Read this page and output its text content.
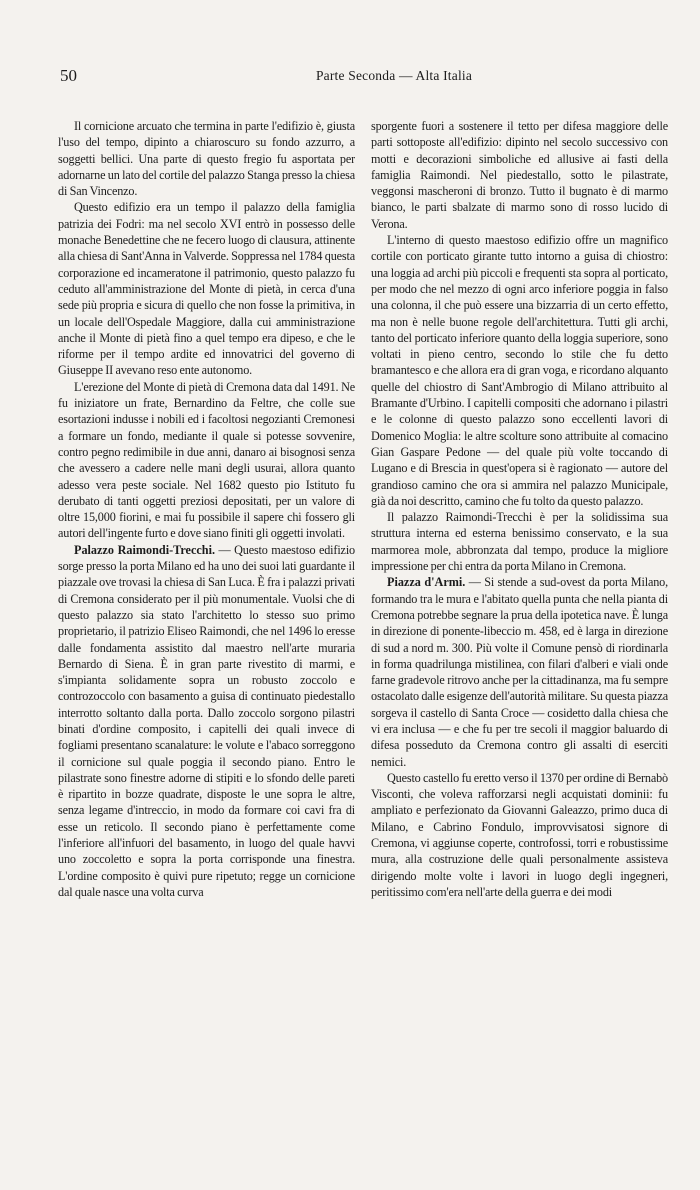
50	Parte Seconda — Alta Italia

Il cornicione arcuato che termina in parte l'edifizio è, giusta l'uso del tempo, dipinto a chiaroscuro su fondo azzurro, a soggetti bellici. Una parte di questo fregio fu asportata per adornarne un lato del cortile del palazzo Stanga presso la chiesa di San Vincenzo.

Questo edifizio era un tempo il palazzo della famiglia patrizia dei Fodri: ma nel secolo XVI entrò in possesso delle monache Benedettine che ne fecero luogo di clausura, attinente alla chiesa di Sant'Anna in Valverde. Soppressa nel 1784 questa corporazione ed incameratone il patrimonio, questo palazzo fu ceduto all'amministrazione del Monte di pietà, in cerca d'una sede più propria e sicura di quello che non fosse la primitiva, in un locale dell'Ospedale Maggiore, dalla cui amministrazione anche il Monte di pietà fino a quel tempo era dipeso, e che le riforme per il tempo ardite ed innovatrici del governo di Giuseppe II avevano reso ente autonomo.

L'erezione del Monte di pietà di Cremona data dal 1491. Ne fu iniziatore un frate, Bernardino da Feltre, che colle sue esortazioni indusse i nobili ed i facoltosi negozianti Cremonesi a formare un fondo, mediante il quale si potesse sovvenire, contro pegno redimibile in due anni, danaro ai bisognosi senza che avessero a cadere nelle mani degli usurai, allora quanto adesso vera peste sociale. Nel 1682 questo pio Istituto fu derubato di tanti oggetti preziosi depositati, per un valore di oltre 15,000 fiorini, e mai fu possibile il sapere chi fossero gli autori dell'ingente furto e dove siano finiti gli oggetti involati.

Palazzo Raimondi-Trecchi. — Questo maestoso edifizio sorge presso la porta Milano ed ha uno dei suoi lati guardante il piazzale ove trovasi la chiesa di San Luca. È fra i palazzi privati di Cremona considerato per il più monumentale. Vuolsi che di questo palazzo sia stato l'architetto lo stesso suo primo proprietario, il patrizio Eliseo Raimondi, che nel 1496 lo eresse dalle fondamenta assistito dal maestro nell'arte muraria Bernardo di Siena. È in gran parte rivestito di marmi, e s'impianta solidamente sopra un robusto zoccolo e controzoccolo con basamento a guisa di continuato piedestallo interrotto soltanto dalla porta. Dallo zoccolo sorgono pilastri binati d'ordine composito, i capitelli dei quali invece di fogliami presentano scanalature: le volute e l'abaco sorreggono il cornicione sul quale poggia il secondo piano. Entro le pilastrate sono finestre adorne di stipiti e lo sfondo delle pareti è ripartito in bozze quadrate, disposte le une sopra le altre, senza legame d'intreccio, in modo da formare coi cavi fra di esse un reticolo. Il secondo piano è perfettamente come l'inferiore all'infuori del basamento, in luogo del quale havvi uno zoccoletto e sopra la porta corrisponde una finestra. L'ordine composito è quivi pure ripetuto; regge un cornicione dal quale nasce una volta curva

sporgente fuori a sostenere il tetto per difesa maggiore delle parti sottoposte all'edifizio: dipinto nel secolo successivo con motti e decorazioni simboliche ed allusive ai fasti della famiglia Raimondi. Nel piedestallo, sotto le pilastrate, veggonsi mascheroni di bronzo. Tutto il bugnato è di marmo bianco, le parti sbalzate di marmo sono di rosso lucido di Verona.

L'interno di questo maestoso edifizio offre un magnifico cortile con porticato girante tutto intorno a guisa di chiostro: una loggia ad archi più piccoli e frequenti sta sopra al porticato, per modo che nel mezzo di ogni arco inferiore poggia in falso una colonna, il che può essere una bizzarria di un certo effetto, ma non è nelle buone regole dell'architettura. Tutti gli archi, tanto del porticato inferiore quanto della loggia superiore, sono voltati in pieno centro, secondo lo stile che fu detto bramantesco e che allora era di gran voga, e ricordano alquanto quelle del chiostro di Sant'Ambrogio di Milano attribuito al Bramante d'Urbino. I capitelli compositi che adornano i pilastri e le colonne di questo palazzo sono eccellenti lavori di Domenico Moglia: le altre scolture sono attribuite al comacino Gian Gaspare Pedone — del quale più volte toccando di Lugano e di Brescia in quest'opera si è ragionato — autore del grandioso camino che ora si ammira nel palazzo Municipale, già da noi descritto, camino che fu tolto da questo palazzo.

Il palazzo Raimondi-Trecchi è per la solidissima sua struttura interna ed esterna benissimo conservato, e la sua marmorea mole, abbronzata dal tempo, produce la migliore impressione per chi entra da porta Milano in Cremona.

Piazza d'Armi. — Si stende a sud-ovest da porta Milano, formando tra le mura e l'abitato quella punta che nella pianta di Cremona potrebbe segnare la prua della ipotetica nave. È lunga in direzione di ponente-libeccio m. 458, ed è larga in direzione di sud a nord m. 300. Più volte il Comune pensò di riordinarla in forma quadrilunga mistilinea, con filari d'alberi e viali onde farne gradevole ritrovo anche per la cittadinanza, ma fu sempre ostacolato dalle esigenze dell'autorità militare. Su questa piazza sorgeva il castello di Santa Croce — cosidetto dalla chiesa che vi era inclusa — e che fu per tre secoli il maggior baluardo di difesa posseduto da Cremona contro gli assalti di eserciti nemici.

Questo castello fu eretto verso il 1370 per ordine di Bernabò Visconti, che voleva rafforzarsi negli acquistati dominii: fu ampliato e perfezionato da Giovanni Galeazzo, primo duca di Milano, e Cabrino Fondulo, improvvisatosi signore di Cremona, vi aggiunse coperte, controfossi, torri e robustissime mura, alla costruzione delle quali personalmente assisteva dirigendo molte volte i lavori in luogo degli ingegneri, peritissimo com'era nell'arte della guerra e dei modi
